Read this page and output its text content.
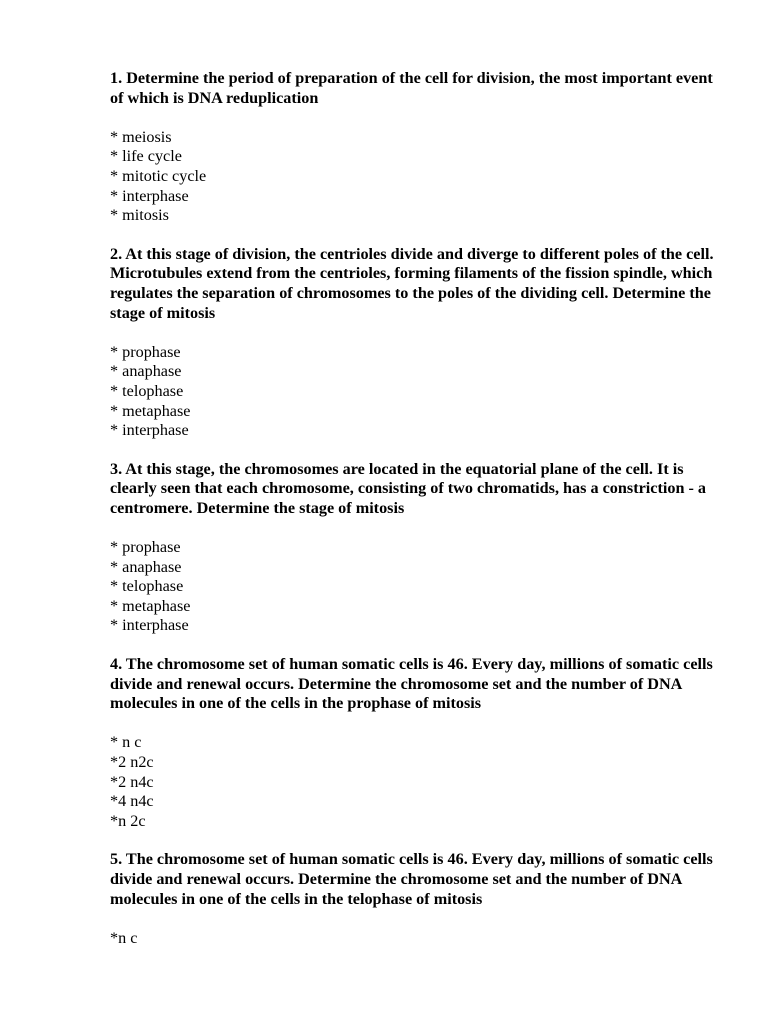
1. Determine the period of preparation of the cell for division, the most important event of which is DNA reduplication

* meiosis
* life cycle
* mitotic cycle
* interphase
* mitosis

2. At this stage of division, the centrioles divide and diverge to different poles of the cell. Microtubules extend from the centrioles, forming filaments of the fission spindle, which regulates the separation of chromosomes to the poles of the dividing cell. Determine the stage of mitosis

* prophase
* anaphase
* telophase
* metaphase
* interphase

3. At this stage, the chromosomes are located in the equatorial plane of the cell. It is clearly seen that each chromosome, consisting of two chromatids, has a constriction - a centromere. Determine the stage of mitosis

* prophase
* anaphase
* telophase
* metaphase
* interphase

4. The chromosome set of human somatic cells is 46. Every day, millions of somatic cells divide and renewal occurs. Determine the chromosome set and the number of DNA molecules in one of the cells in the prophase of mitosis

* n c
*2 n2c
*2 n4c
*4 n4c
*n 2c

5. The chromosome set of human somatic cells is 46. Every day, millions of somatic cells divide and renewal occurs. Determine the chromosome set and the number of DNA molecules in one of the cells in the telophase of mitosis

*n c
